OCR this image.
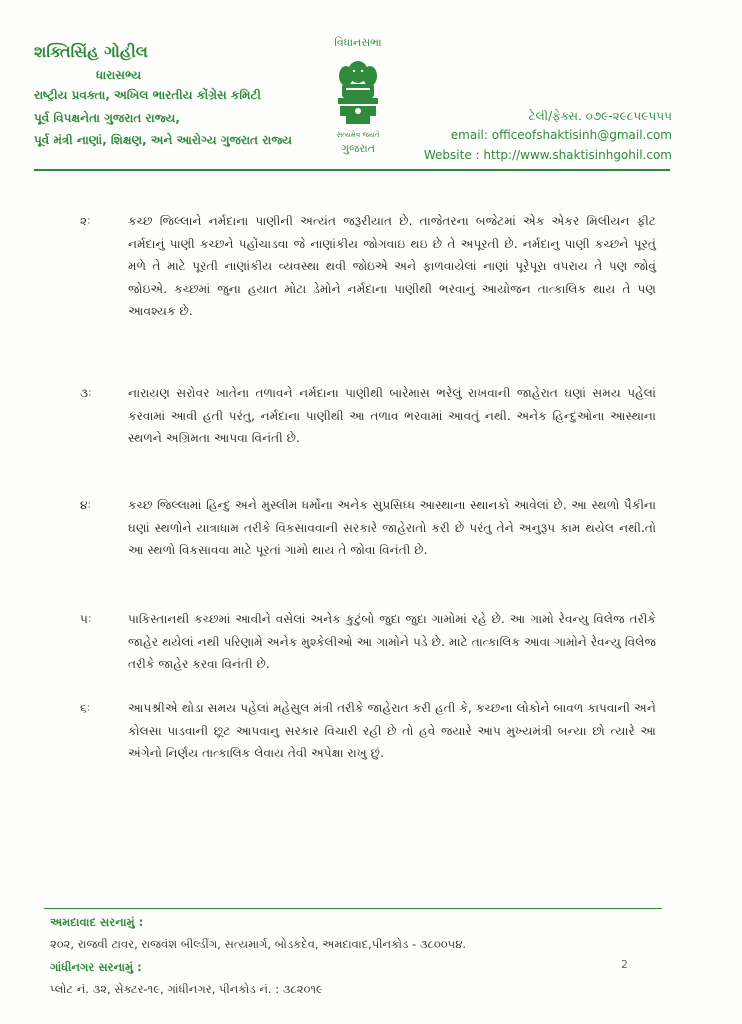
શક્તિસિંહ ગોહીલ
ધારાસભ્ય
રાષ્ટ્રીય પ્રવક્તા, અખિલ ભારતીય કોંગ્રેસ કમિટી
પૂર્વ વિપક્ષનેતા ગુજરાત રાજ્ય,
પૂર્વ મંત્રી નાણાં, શિક્ષણ, અને આરોગ્ય ગુજરાત રાજ્ય
વિધાનસભા
સત્યમેવ જયતે
ગુજરાત
ટેલી/ફેક્સ. ૦૭૯-૨૯૮૫૯૫૫૫
email: officeofshaktisinh@gmail.com
Website : http://www.shaktisinhgohil.com
૨ઃ	કચ્છ જિલ્લાને નર્મદાના પાણીની અત્યંત જરૂરીયાત છે. તાજેતરના બજેટમાં એક એકર મિલીયન ફીટ નર્મદાનું પાણી કચ્છને પહોંચાડવા જે નાણાંકીય જોગવાઇ થઇ છે તે અપૂરતી છે. નર્મદાનુ પાણી કચ્છને પૂરતું મળે તે માટે પૂરતી નાણાંકીય વ્યવસ્થા થવી જોઇએ અને ફાળવાયેલાં નાણાં પૂરેપૂરા વપરાય તે પણ જોવું જોઇએ. કચ્છમાં જુના હયાત મોટા ડેમોને નર્મદાના પાણીથી ભરવાનું આયોજન તાત્કાલિક થાય તે પણ આવશ્યક છે.
૩ઃ	નારાયણ સરોવર ખાતેના તળાવને નર્મદાના પાણીથી બારેમાસ ભરેલું રાખવાની જાહેરાત ઘણાં સમય પહેલાં કરવામાં આવી હતી પરંતુ, નર્મદાના પાણીથી આ તળાવ ભરવામાં આવતું નથી. અનેક હિન્દુઓના આસ્થાના સ્થળને અગ્રિમતા આપવા વિનંતી છે.
૪ઃ	કચ્છ જિલ્લામાં હિન્દુ અને મુસ્લીમ ધર્મોના અનેક સુપ્રસિધ્ધ આસ્થાના સ્થાનકો આવેલાં છે. આ સ્થળો પૈકીના ઘણાં સ્થળોને યાત્રાધામ તરીકે વિકસાવવાની સરકારે જાહેરાતો કરી છે પરંતુ તેને અનુરૂપ કામ થયેલ નથી.તો આ સ્થળો વિકસાવવા માટે પૂરતાં ગામો થાય તે જોવા વિનંતી છે.
૫ઃ	પાકિસ્તાનથી કચ્છમાં આવીને વસેલાં અનેક કુટુંબો જુદા જુદા ગામોમાં રહે છે. આ ગામો રેવન્યુ વિલેજ તરીકે જાહેર થયેલાં નથી પરિણામે અનેક મુશ્કેલીઓ આ ગામોને પડે છે. માટે તાત્કાલિક આવા ગામોને રેવન્યુ વિલેજ તરીકે જાહેર કરવા વિનંતી છે.
૬ઃ	આપશ્રીએ થોડા સમય પહેલાં મહેસુલ મંત્રી તરીકે જાહેરાત કરી હતી કે, કચ્છના લોકોને બાવળ કાપવાની અને કોલસા પાડવાની છૂટ આપવાનુ સરકાર વિચારી રહી છે તો હવે જયારે આપ મુખ્યમંત્રી બન્યા છો ત્યારે આ અંગેનો નિર્ણય તાત્કાલિક લેવાય તેવી અપેક્ષા રાખુ છું.
અમદાવાદ સરનામું :
૨૦૨, રાજવી ટાવર, રાજવંશ બીલ્ડીંગ, સત્યમાર્ગ, બોડકદેવ, અમદાવાદ,પીનકોડ - ૩૮૦૦૫૪.
ગાંધીનગર સરનામું :
પ્લોટ નં. ૩૨, સેક્ટર-૧૯, ગાંધીનગર, પીનકોડ નં. : ૩૮૨૦૧૯
2
